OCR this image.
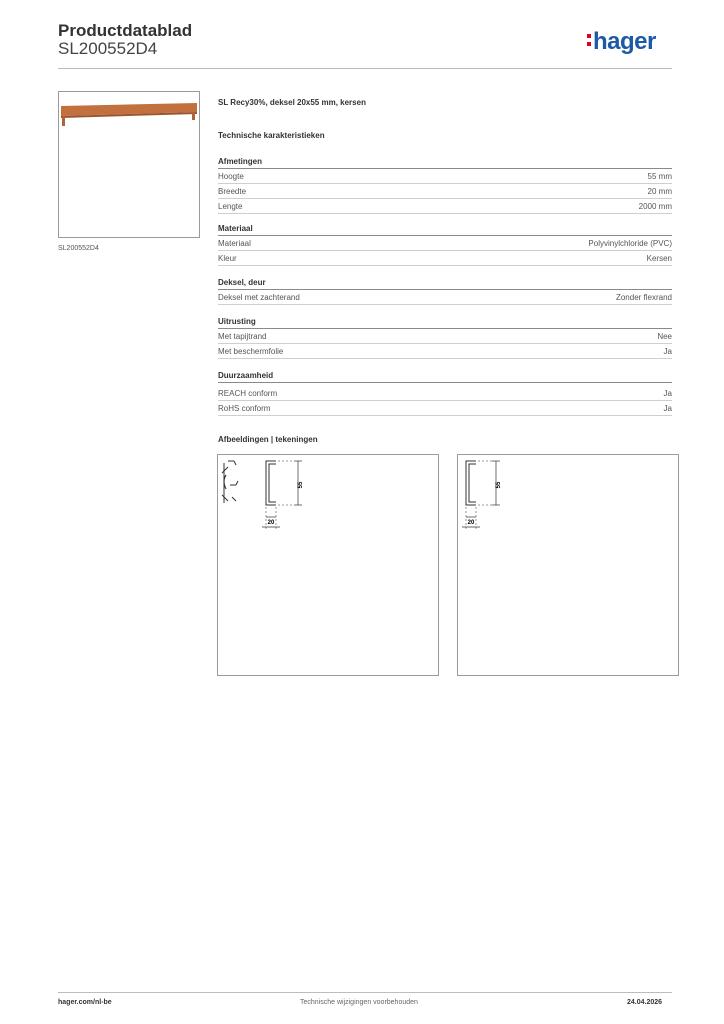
Productdatablad
SL200552D4	hager
SL200552D4
SL Recy30%, deksel 20x55 mm, kersen
Technische karakteristieken
Afmetingen
Hoogte	55 mm
Breedte	20 mm
Lengte	2000 mm
Materiaal
Materiaal	Polyvinylchloride (PVC)
Kleur	Kersen
Deksel, deur
Deksel met zachterand	Zonder flexrand
Uitrusting
Met tapijtrand	Nee
Met beschermfolie	Ja
Duurzaamheid
REACH conform	Ja
RoHS conform	Ja
Afbeeldingen | tekeningen
55
20
55
20
hager.com/nl-be	Technische wijzigingen voorbehouden	24.04.2026
